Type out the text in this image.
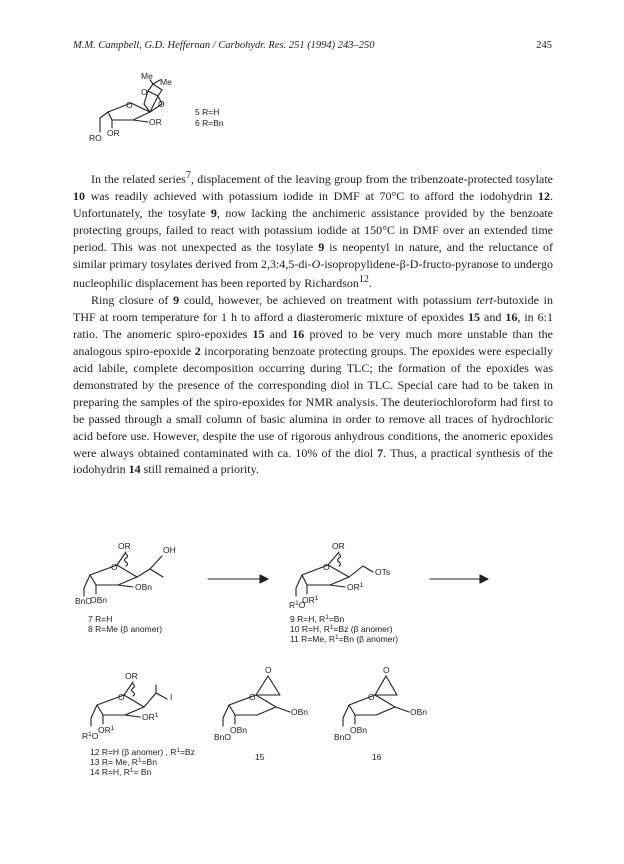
M.M. Campbell, G.D. Heffernan / Carbohydr. Res. 251 (1994) 243–250	245
Me
Me
O
O
O
OR
OR
RO
5 R=H
6 R=Bn
OR	OH
O
OBn
OBn
BnO
7 R=H
8 R=Me (β anomer)
OR
OTs
O
$OR^1$
$OR^1$
$R^1O$
9 R=H, $R^1=Bn$
10 R=H, $R^1=Bz$ (β anomer)
11 R=Me, $R^1=Bn$ (β anomer)
OR
I
O
$OR^1$
$OR^1$
$R^1O$
12 R=H (β anomer) , $R^1=Bz$
13 R= Me, $R^1=Bn$
14 R=H, $R^1= Bn$
O
O
OBn
OBn
BnO
15
O
O
OBn
OBn
BnO
16

In the related series$^7$, displacement of the leaving group from the tribenzoate-protected tosylate 10 was readily achieved with potassium iodide in DMF at 70°C to afford the iodohydrin 12. Unfortunately, the tosylate 9, now lacking the anchimeric assistance provided by the benzoate protecting groups, failed to react with potassium iodide at 150°C in DMF over an extended time period. This was not unexpected as the tosylate 9 is neopentyl in nature, and the reluctance of similar primary tosylates derived from 2,3:4,5-di-O-isopropylidene-β-D-fructo-pyranose to undergo nucleophilic displacement has been reported by Richardson$^{12}$.

Ring closure of 9 could, however, be achieved on treatment with potassium tert-butoxide in THF at room temperature for 1 h to afford a diasteromeric mixture of epoxides 15 and 16, in 6:1 ratio. The anomeric spiro-epoxides 15 and 16 proved to be very much more unstable than the analogous spiro-epoxide 2 incorporating benzoate protecting groups. The epoxides were especially acid labile, complete decomposition occurring during TLC; the formation of the epoxides was demonstrated by the presence of the corresponding diol in TLC. Special care had to be taken in preparing the samples of the spiro-epoxides for NMR analysis. The deuteriochloroform had first to be passed through a small column of basic alumina in order to remove all traces of hydrochloric acid before use. However, despite the use of rigorous anhydrous conditions, the anomeric epoxides were always obtained contaminated with ca. 10% of the diol 7. Thus, a practical synthesis of the iodohydrin 14 still remained a priority.
